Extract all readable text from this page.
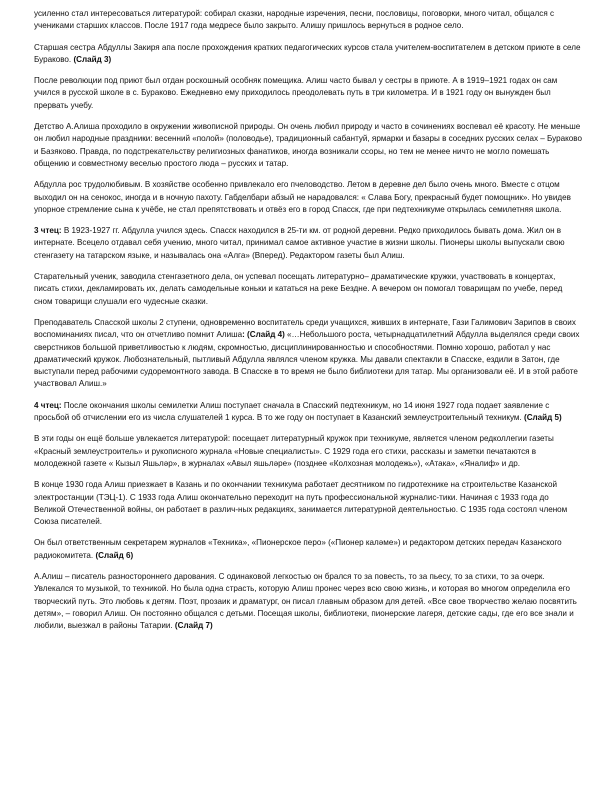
усиленно стал интересоваться литературой: собирал сказки, народные изречения, песни, пословицы, поговорки, много читал, общался с учениками старших классов. После 1917 года медресе было закрыто. Алишу пришлось вернуться в родное село.

Старшая сестра Абдуллы Закиря апа после прохождения кратких педагогических курсов стала учителем-воспитателем в детском приюте в селе Бураково. (Слайд 3)

После революции под приют был отдан роскошный особняк помещика. Алиш часто бывал у сестры в приюте. А в 1919–1921 годах он сам учился в русской школе в с. Бураково. Ежедневно ему приходилось преодолевать путь в три километра. И в 1921 году он вынужден был прервать учебу.

Детство А.Алиша проходило в окружении живописной природы. Он очень любил природу и часто в сочинениях воспевал её красоту. Не меньше он любил народные праздники: весенний «полой» (половодье), традиционный сабантуй, ярмарки и базары в соседних русских селах – Бураково и Базяково. Правда, по подстрекательству религиозных фанатиков, иногда возникали ссоры, но тем не менее ничто не могло помешать общению и совместному веселью простого люда – русских и татар.

Абдулла рос трудолюбивым. В хозяйстве особенно привлекало его пчеловодство. Летом в деревне дел было очень много. Вместе с отцом выходил он на сенокос, иногда и в ночную пахоту. Габделбари абзый не нарадовался: « Слава Богу, прекрасный будет помощник». Но увидев упорное стремление сына к учёбе, не стал препятствовать и отвёз его в город Спасск, где при педтехникуме открылась семилетняя школа.

3 чтец: В 1923-1927 гг. Абдулла учился здесь. Спасск находился в 25-ти км. от родной деревни. Редко приходилось бывать дома. Жил он в интернате. Всецело отдавал себя учению, много читал, принимал самое активное участие в жизни школы. Пионеры школы выпускали свою стенгазету на татарском языке, и называлась она «Алга» (Вперед). Редактором газеты был Алиш.

Старательный ученик, заводила стенгазетного дела, он успевал посещать литературно– драматические кружки, участвовать в концертах, писать стихи, декламировать их, делать самодельные коньки и кататься на реке Бездне. А вечером он помогал товарищам по учебе, перед сном товарищи слушали его чудесные сказки.

Преподаватель Спасской школы 2 ступени, одновременно воспитатель среди учащихся, живших в интернате, Гази Галимович Зарипов в своих воспоминаниях писал, что он отчетливо помнит Алиша: (Слайд 4) «…Небольшого роста, четырнадцатилетний Абдулла выделялся среди своих сверстников большой приветливостью к людям, скромностью, дисциплинированностью и способностями. Помню хорошо, работал у нас драматический кружок. Любознательный, пытливый Абдулла являлся членом кружка. Мы давали спектакли в Спасске, ездили в Затон, где выступали перед рабочими судоремонтного завода. В Спасске в то время не было библиотеки для татар. Мы организовали её. И в этой работе участвовал Алиш.»

4 чтец: После окончания школы семилетки Алиш поступает сначала в Спасский педтехникум, но 14 июня 1927 года подает заявление с просьбой об отчислении его из числа слушателей 1 курса. В то же году он поступает в Казанский землеустроительный техникум. (Слайд 5)

В эти годы он ещё больше увлекается литературой: посещает литературный кружок при техникуме, является членом редколлегии газеты «Красный землеустроитель» и рукописного журнала «Новые специалисты». С 1929 года его стихи, рассказы и заметки печатаются в молодежной газете « Кызыл Яшьләр», в журналах «Авыл яшьләре» (позднее «Колхозная молодежь»), «Атака», «Яналиф» и др.

В конце 1930 года Алиш приезжает в Казань и по окончании техникума работает десятником по гидротехнике на строительстве Казанской электростанции (ТЭЦ-1). С 1933 года Алиш окончательно переходит на путь профессиональной журналис-тики. Начиная с 1933 года до Великой Отечественной войны, он работает в различ-ных редакциях, занимается литературной деятельностью. С 1935 года состоял членом Союза писателей.

Он был ответственным секретарем журналов «Техника», «Пионерское перо» («Пионер каләме») и редактором детских передач Казанского радиокомитета. (Слайд 6)

А.Алиш – писатель разностороннего дарования. С одинаковой легкостью он брался то за повесть, то за пьесу, то за стихи, то за очерк. Увлекался то музыкой, то техникой. Но была одна страсть, которую Алиш пронес через всю свою жизнь, и которая во многом определила его творческий путь. Это любовь к детям. Поэт, прозаик и драматург, он писал главным образом для детей. «Все свое творчество желаю посвятить детям», – говорил Алиш. Он постоянно общался с детьми. Посещая школы, библиотеки, пионерские лагеря, детские сады, где его все знали и любили, выезжал в районы Татарии. (Слайд 7)
